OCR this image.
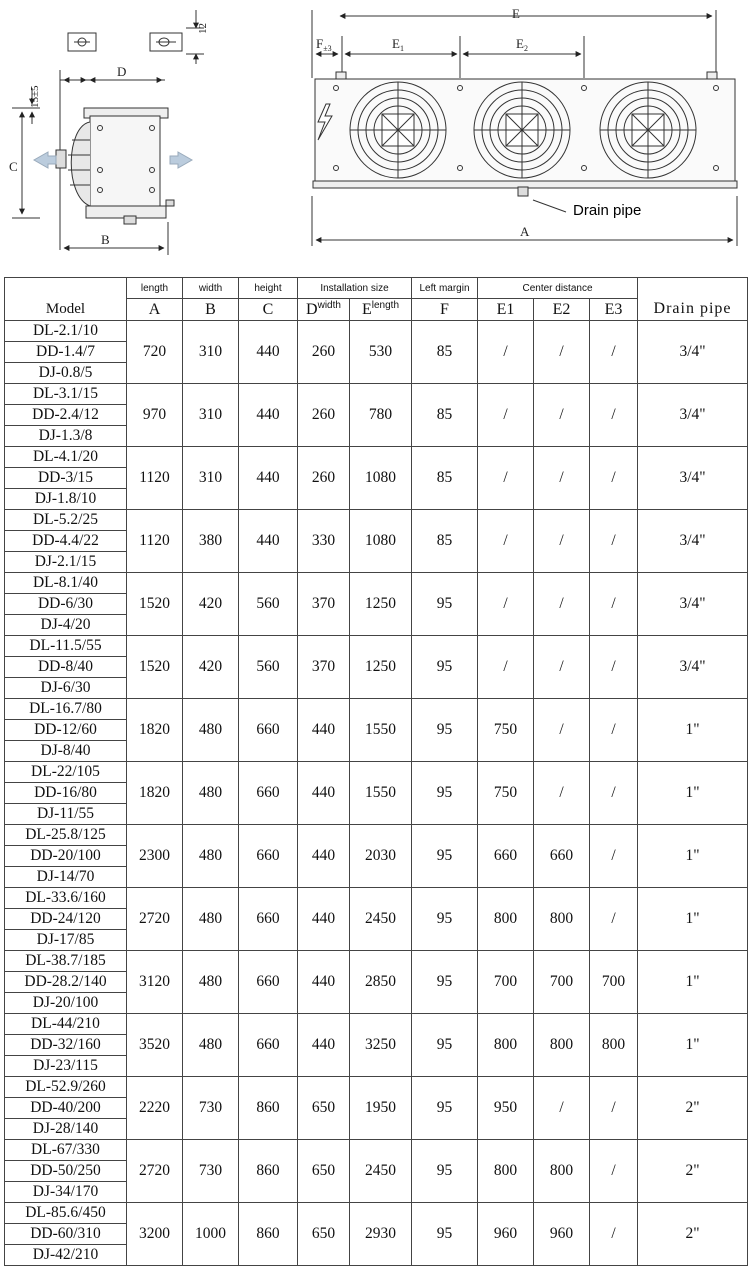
D
C
B
15±5
12
E
$F_{\pm 3}$	$E_1$	$E_2$
A
Drain pipe
	length	width	height	Installation size		Left margin	Center distance			
Model	A	B	C	$D^{width}$	$E^{length}$	F	E1	E2	E3	Drain pipe
DL-2.1/10	720	310	440	260	530	85	/	/	/	3/4"
DD-1.4/7										
DJ-0.8/5										
DL-3.1/15	970	310	440	260	780	85	/	/	/	3/4"
DD-2.4/12										
DJ-1.3/8										
DL-4.1/20	1120	310	440	260	1080	85	/	/	/	3/4"
DD-3/15										
DJ-1.8/10										
DL-5.2/25	1120	380	440	330	1080	85	/	/	/	3/4"
DD-4.4/22										
DJ-2.1/15										
DL-8.1/40	1520	420	560	370	1250	95	/	/	/	3/4"
DD-6/30										
DJ-4/20										
DL-11.5/55	1520	420	560	370	1250	95	/	/	/	3/4"
DD-8/40										
DJ-6/30										
DL-16.7/80	1820	480	660	440	1550	95	750	/	/	1"
DD-12/60										
DJ-8/40										
DL-22/105	1820	480	660	440	1550	95	750	/	/	1"
DD-16/80										
DJ-11/55										
DL-25.8/125	2300	480	660	440	2030	95	660	660	/	1"
DD-20/100										
DJ-14/70										
DL-33.6/160	2720	480	660	440	2450	95	800	800	/	1"
DD-24/120										
DJ-17/85										
DL-38.7/185	3120	480	660	440	2850	95	700	700	700	1"
DD-28.2/140										
DJ-20/100										
DL-44/210	3520	480	660	440	3250	95	800	800	800	1"
DD-32/160										
DJ-23/115										
DL-52.9/260	2220	730	860	650	1950	95	950	/	/	2"
DD-40/200										
DJ-28/140										
DL-67/330	2720	730	860	650	2450	95	800	800	/	2"
DD-50/250										
DJ-34/170										
DL-85.6/450	3200	1000	860	650	2930	95	960	960	/	2"
DD-60/310										
DJ-42/210										
